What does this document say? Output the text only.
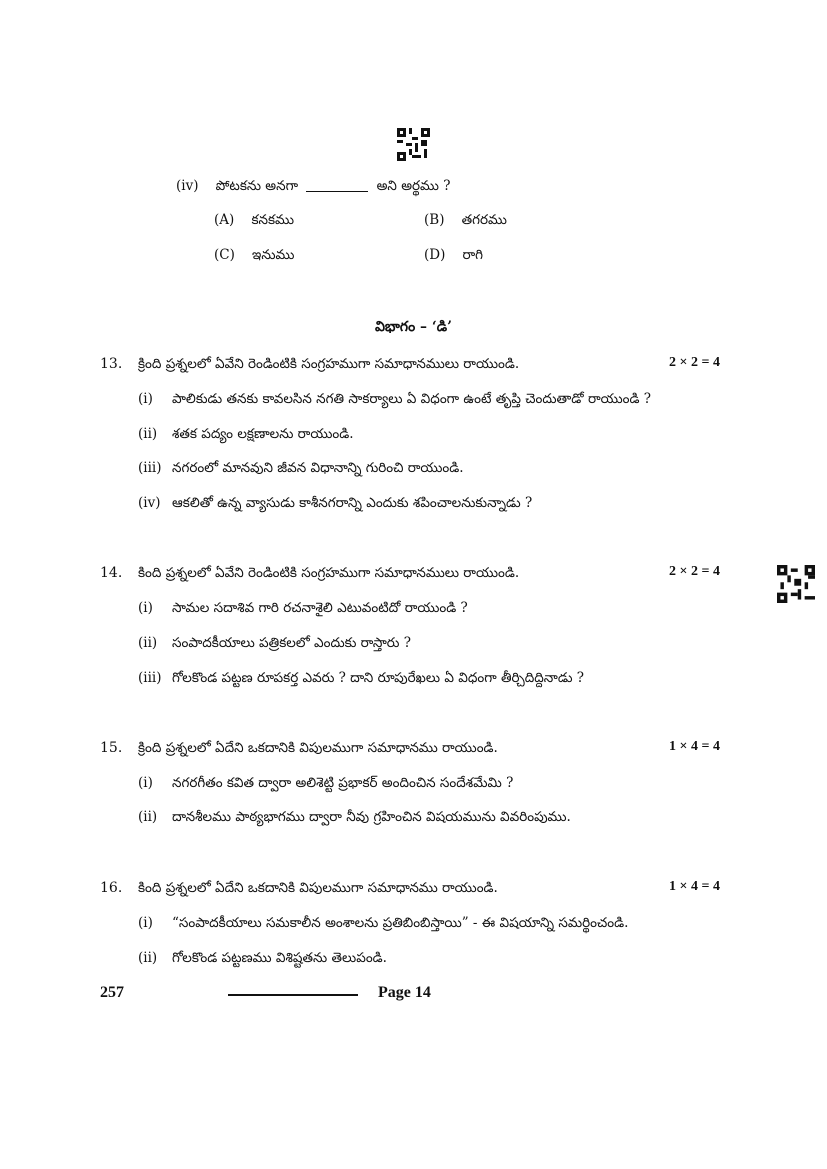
(iv) పోటకను అనగా	అని అర్థము ?
(A) కనకము	(B) తగరము
(C) ఇనుము	(D) రాగి
విభాగం – ‘డి’
13. క్రింది ప్రశ్నలలో ఏవేని రెండింటికి సంగ్రహముగా సమాధానములు రాయుండి.	2 × 2 = 4
(i) పాలికుడు తనకు కావలసిన నగతి సాకర్యాలు ఏ విధంగా ఉంటే తృప్తి చెందుతాడో రాయుండి ?
(ii) శతక పద్యం లక్షణాలను రాయుండి.
(iii) నగరంలో మానవుని జీవన విధానాన్ని గురించి రాయుండి.
(iv) ఆకలితో ఉన్న వ్యాసుడు కాశీనగరాన్ని ఎందుకు శపించాలనుకున్నాడు ?
14. కింది ప్రశ్నలలో ఏవేని రెండింటికి సంగ్రహముగా సమాధానములు రాయుండి.	2 × 2 = 4
(i) సామల సదాశివ గారి రచనాశైలి ఎటువంటిదో రాయుండి ?
(ii) సంపాదకీయాలు పత్రికలలో ఎందుకు రాస్తారు ?
(iii) గోలకొండ పట్టణ రూపకర్త ఎవరు ? దాని రూపురేఖలు ఏ విధంగా తీర్చిదిద్దినాడు ?
15. క్రింది ప్రశ్నలలో ఏదేని ఒకదానికి విపులముగా సమాధానము రాయుండి.	1 × 4 = 4
(i) నగరగీతం కవిత ద్వారా అలిశెట్టి ప్రభాకర్ అందించిన సందేశమేమి ?
(ii) దానశీలము పాఠ్యభాగము ద్వారా నీవు గ్రహించిన విషయమును వివరింపుము.
16. కింది ప్రశ్నలలో ఏదేని ఒకదానికి విపులముగా సమాధానము రాయుండి.	1 × 4 = 4
(i) “సంపాదకీయాలు సమకాలీన అంశాలను ప్రతిబింబిస్తాయి” - ఈ విషయాన్ని సమర్థించండి.
(ii) గోలకొండ పట్టణము విశిష్టతను తెలుపండి.
257	Page 14
